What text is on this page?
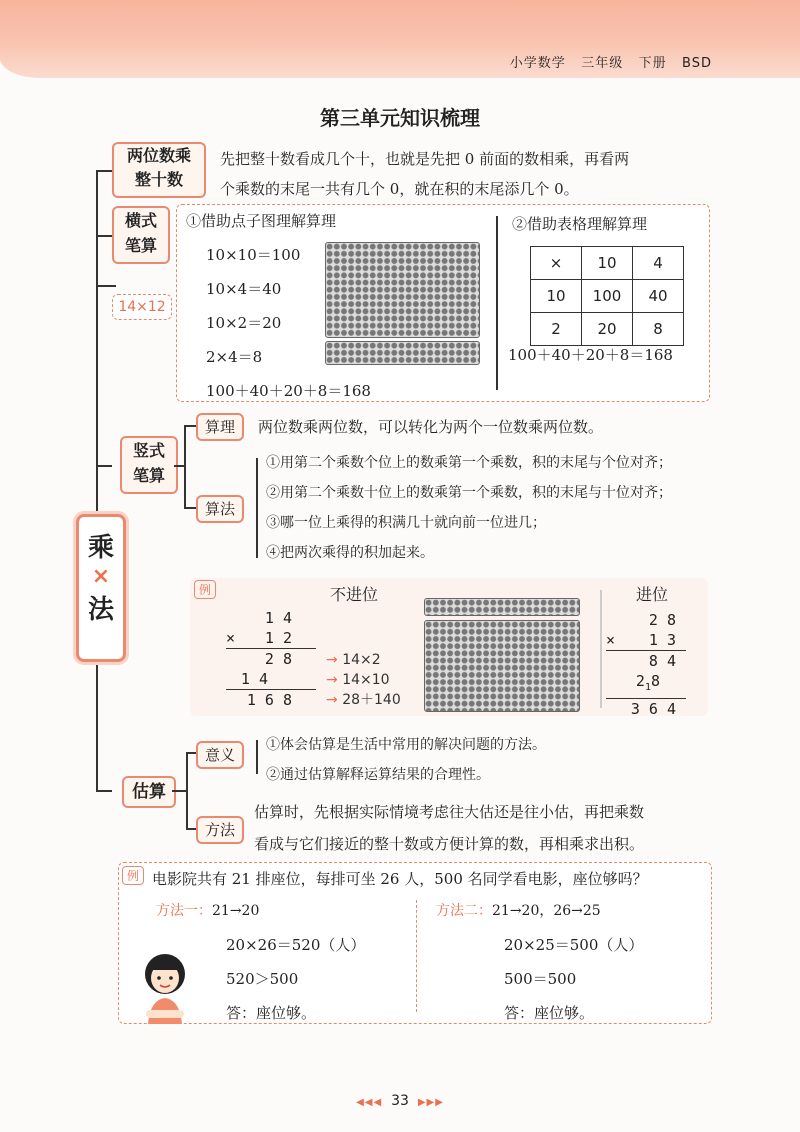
小学数学 三年级 下册 BSD
第三单元知识梳理
乘
×
法
两位数乘
整十数
先把整十数看成几个十，也就是先把 0 前面的数相乘，再看两
个乘数的末尾一共有几个 0，就在积的末尾添几个 0。
横式
笔算
14×12
①借助点子图理解算理
10×10＝100
10×4＝40
10×2＝20
2×4＝8
100＋40＋20＋8＝168
②借助表格理解算理
×	10	4
10	100	40
2	20	8
100＋40＋20＋8＝168
竖式
笔算
算理	两位数乘两位数，可以转化为两个一位数乘两位数。
算法
①用第二个乘数个位上的数乘第一个乘数，积的末尾与个位对齐；
②用第二个乘数十位上的数乘第一个乘数，积的末尾与十位对齐；
③哪一位上乘得的积满几十就向前一位进几；
④把两次乘得的积加起来。
例	不进位	进位
1 4
× 1 2
2 8
1 4
1 6 8
→ 14×2
→ 14×10
→ 28＋140
2 8
× 1 3
8 4
$2_18$
3 6 4
估算
意义
①体会估算是生活中常用的解决问题的方法。
②通过估算解释运算结果的合理性。
方法
估算时，先根据实际情境考虑往大估还是往小估，再把乘数
看成与它们接近的整十数或方便计算的数，再相乘求出积。
例 电影院共有 21 排座位，每排可坐 26 人，500 名同学看电影，座位够吗？
方法一：21→20
20×26＝520（人）
520＞500
答：座位够。
方法二：21→20，26→25
20×25＝500（人）
500＝500
答：座位够。
◀◀◀ 33 ▶▶▶
